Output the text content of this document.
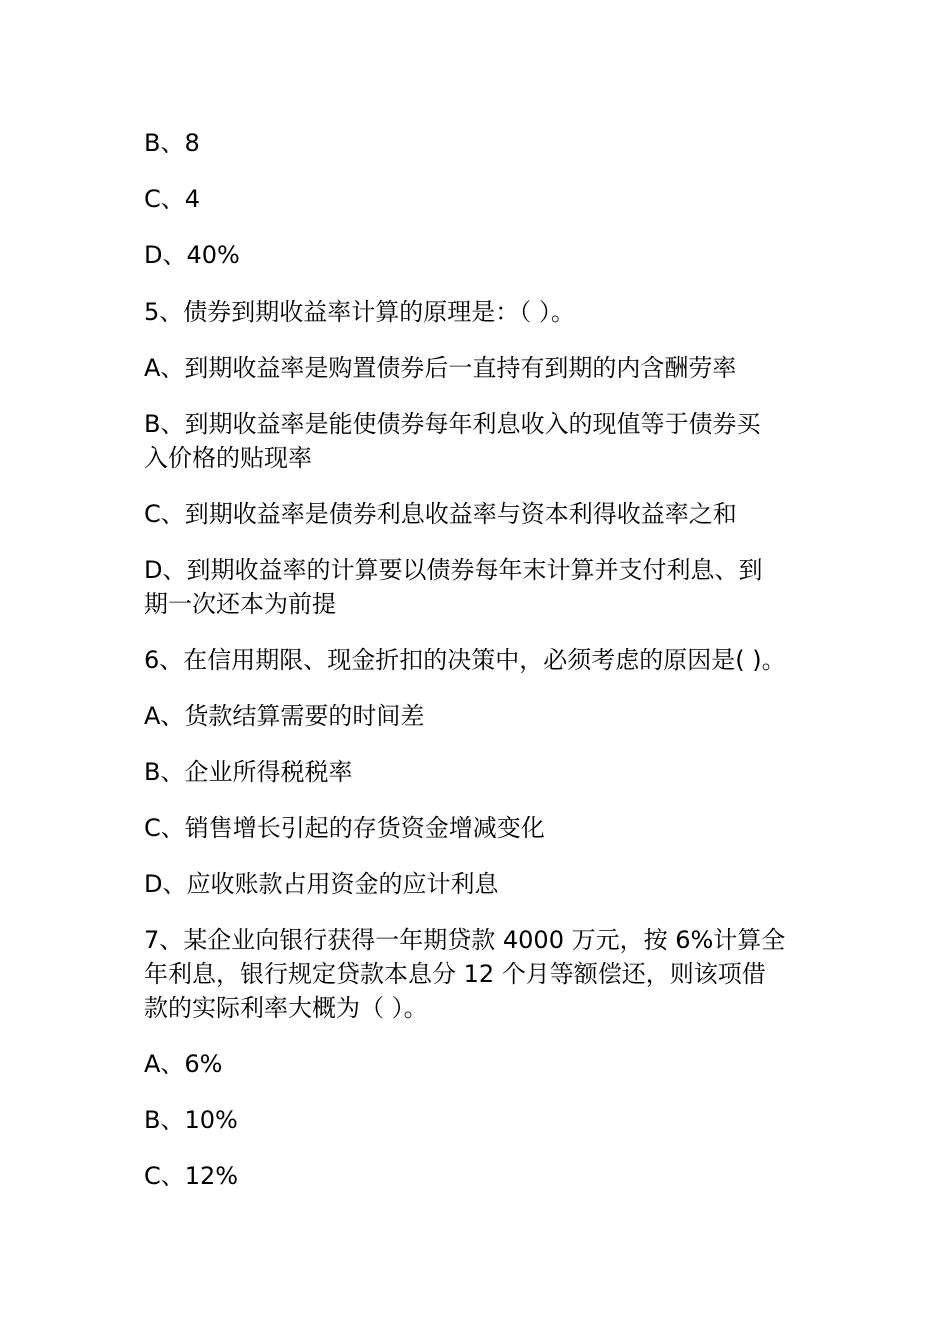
B、8
C、4
D、40%
5、债券到期收益率计算的原理是：（ ）。
A、到期收益率是购置债券后一直持有到期的内含酬劳率
B、到期收益率是能使债券每年利息收入的现值等于债券买
入价格的贴现率
C、到期收益率是债券利息收益率与资本利得收益率之和
D、到期收益率的计算要以债券每年末计算并支付利息、到
期一次还本为前提
6、在信用期限、现金折扣的决策中，必须考虑的原因是( )。
A、货款结算需要的时间差
B、企业所得税税率
C、销售增长引起的存货资金增减变化
D、应收账款占用资金的应计利息
7、某企业向银行获得一年期贷款 4000 万元，按 6%计算全
年利息，银行规定贷款本息分 12 个月等额偿还，则该项借
款的实际利率大概为（ ）。
A、6%
B、10%
C、12%
